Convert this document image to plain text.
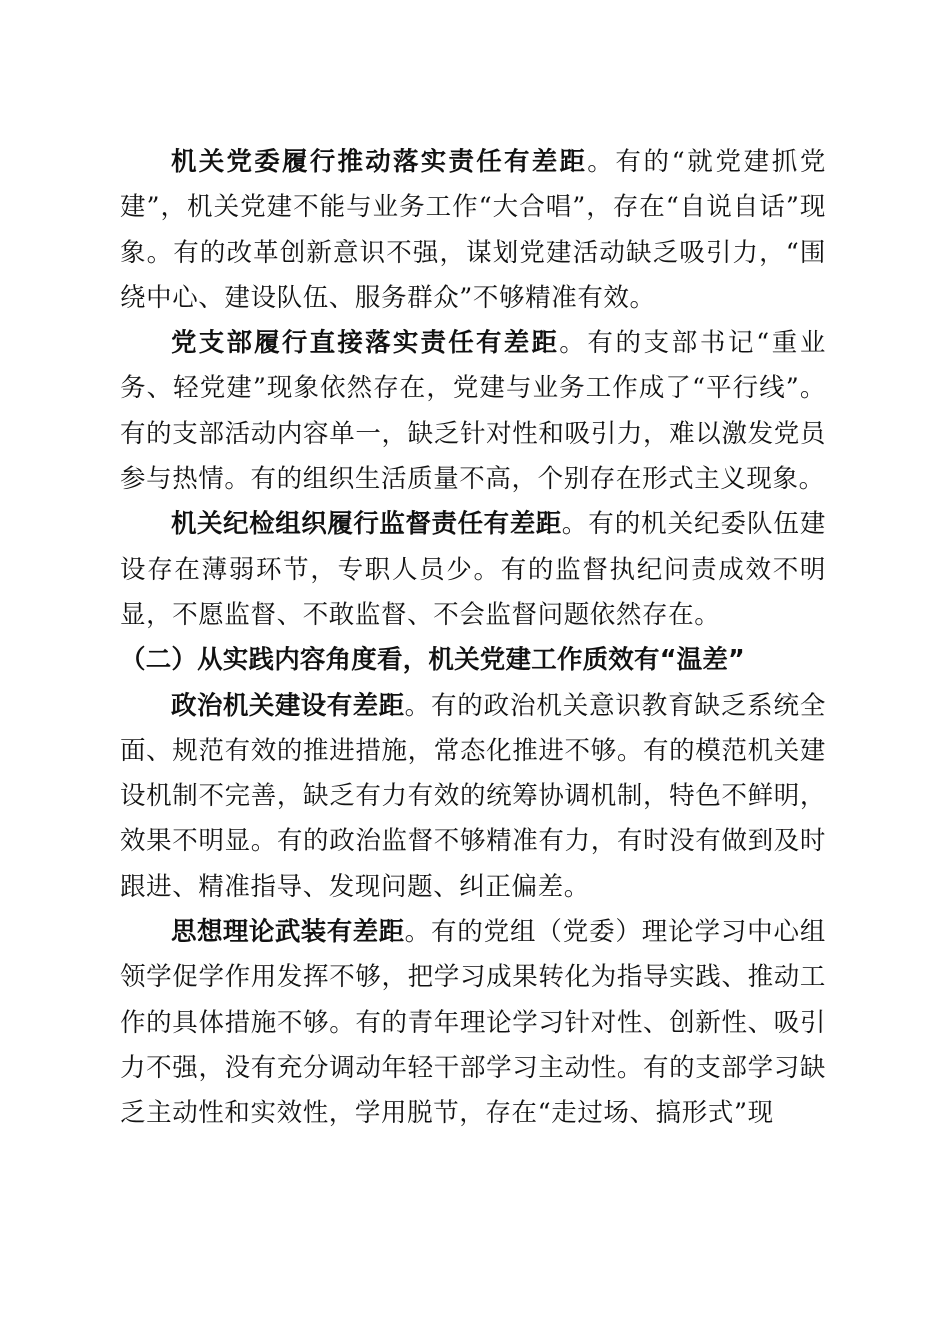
机关党委履行推动落实责任有差距。有的“就党建抓党建”，机关党建不能与业务工作“大合唱”，存在“自说自话”现象。有的改革创新意识不强，谋划党建活动缺乏吸引力，“围绕中心、建设队伍、服务群众”不够精准有效。

党支部履行直接落实责任有差距。有的支部书记“重业务、轻党建”现象依然存在，党建与业务工作成了“平行线”。有的支部活动内容单一，缺乏针对性和吸引力，难以激发党员参与热情。有的组织生活质量不高，个别存在形式主义现象。

机关纪检组织履行监督责任有差距。有的机关纪委队伍建设存在薄弱环节，专职人员少。有的监督执纪问责成效不明显，不愿监督、不敢监督、不会监督问题依然存在。

（二）从实践内容角度看，机关党建工作质效有“温差”

政治机关建设有差距。有的政治机关意识教育缺乏系统全面、规范有效的推进措施，常态化推进不够。有的模范机关建设机制不完善，缺乏有力有效的统筹协调机制，特色不鲜明，效果不明显。有的政治监督不够精准有力，有时没有做到及时跟进、精准指导、发现问题、纠正偏差。

思想理论武装有差距。有的党组（党委）理论学习中心组领学促学作用发挥不够，把学习成果转化为指导实践、推动工作的具体措施不够。有的青年理论学习针对性、创新性、吸引力不强，没有充分调动年轻干部学习主动性。有的支部学习缺乏主动性和实效性，学用脱节，存在“走过场、搞形式”现
